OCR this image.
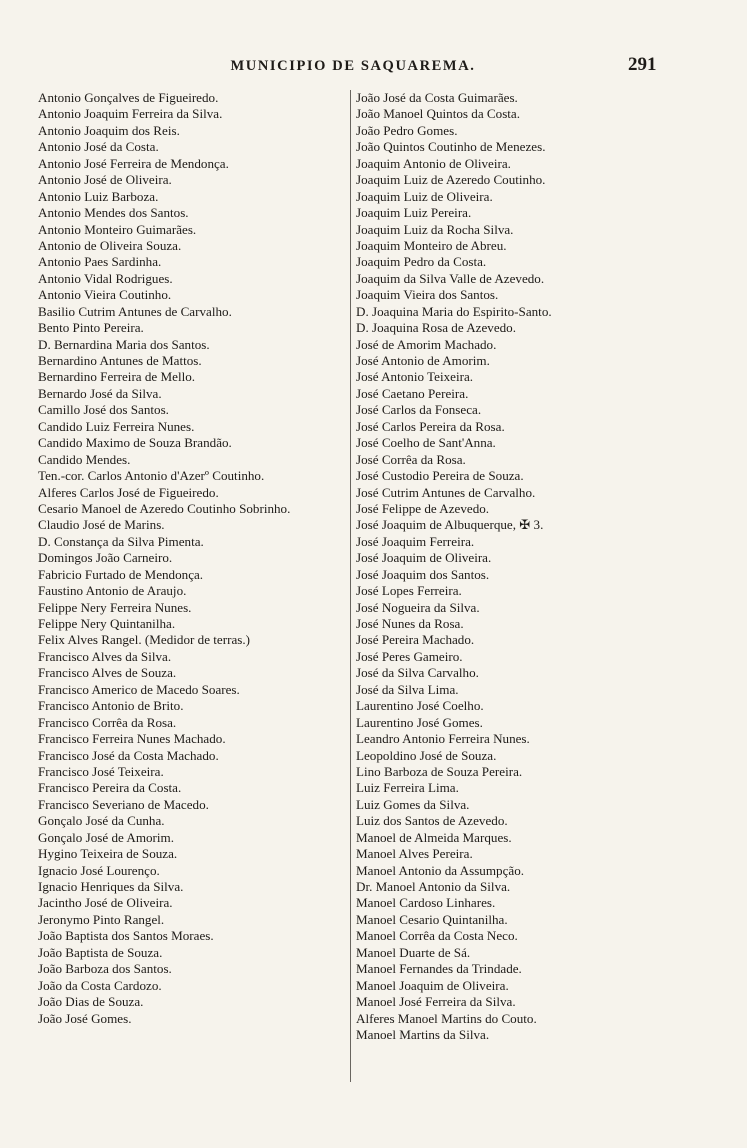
MUNICIPIO DE SAQUAREMA.	291
Antonio Gonçalves de Figueiredo.
Antonio Joaquim Ferreira da Silva.
Antonio Joaquim dos Reis.
Antonio José da Costa.
Antonio José Ferreira de Mendonça.
Antonio José de Oliveira.
Antonio Luiz Barboza.
Antonio Mendes dos Santos.
Antonio Monteiro Guimarães.
Antonio de Oliveira Souza.
Antonio Paes Sardinha.
Antonio Vidal Rodrigues.
Antonio Vieira Coutinho.
Basilio Cutrim Antunes de Carvalho.
Bento Pinto Pereira.
D. Bernardina Maria dos Santos.
Bernardino Antunes de Mattos.
Bernardino Ferreira de Mello.
Bernardo José da Silva.
Camillo José dos Santos.
Candido Luiz Ferreira Nunes.
Candido Maximo de Souza Brandão.
Candido Mendes.
Ten.-cor. Carlos Antonio d'Azerº Coutinho.
Alferes Carlos José de Figueiredo.
Cesario Manoel de Azeredo Coutinho Sobrinho.
Claudio José de Marins.
D. Constança da Silva Pimenta.
Domingos João Carneiro.
Fabricio Furtado de Mendonça.
Faustino Antonio de Araujo.
Felippe Nery Ferreira Nunes.
Felippe Nery Quintanilha.
Felix Alves Rangel. (Medidor de terras.)
Francisco Alves da Silva.
Francisco Alves de Souza.
Francisco Americo de Macedo Soares.
Francisco Antonio de Brito.
Francisco Corrêa da Rosa.
Francisco Ferreira Nunes Machado.
Francisco José da Costa Machado.
Francisco José Teixeira.
Francisco Pereira da Costa.
Francisco Severiano de Macedo.
Gonçalo José da Cunha.
Gonçalo José de Amorim.
Hygino Teixeira de Souza.
Ignacio José Lourenço.
Ignacio Henriques da Silva.
Jacintho José de Oliveira.
Jeronymo Pinto Rangel.
João Baptista dos Santos Moraes.
João Baptista de Souza.
João Barboza dos Santos.
João da Costa Cardozo.
João Dias de Souza.
João José Gomes.
João José da Costa Guimarães.
João Manoel Quintos da Costa.
João Pedro Gomes.
João Quintos Coutinho de Menezes.
Joaquim Antonio de Oliveira.
Joaquim Luiz de Azeredo Coutinho.
Joaquim Luiz de Oliveira.
Joaquim Luiz Pereira.
Joaquim Luiz da Rocha Silva.
Joaquim Monteiro de Abreu.
Joaquim Pedro da Costa.
Joaquim da Silva Valle de Azevedo.
Joaquim Vieira dos Santos.
D. Joaquina Maria do Espirito-Santo.
D. Joaquina Rosa de Azevedo.
José de Amorim Machado.
José Antonio de Amorim.
José Antonio Teixeira.
José Caetano Pereira.
José Carlos da Fonseca.
José Carlos Pereira da Rosa.
José Coelho de Sant'Anna.
José Corrêa da Rosa.
José Custodio Pereira de Souza.
José Cutrim Antunes de Carvalho.
José Felippe de Azevedo.
José Joaquim de Albuquerque, ✠ 3.
José Joaquim Ferreira.
José Joaquim de Oliveira.
José Joaquim dos Santos.
José Lopes Ferreira.
José Nogueira da Silva.
José Nunes da Rosa.
José Pereira Machado.
José Peres Gameiro.
José da Silva Carvalho.
José da Silva Lima.
Laurentino José Coelho.
Laurentino José Gomes.
Leandro Antonio Ferreira Nunes.
Leopoldino José de Souza.
Lino Barboza de Souza Pereira.
Luiz Ferreira Lima.
Luiz Gomes da Silva.
Luiz dos Santos de Azevedo.
Manoel de Almeida Marques.
Manoel Alves Pereira.
Manoel Antonio da Assumpção.
Dr. Manoel Antonio da Silva.
Manoel Cardoso Linhares.
Manoel Cesario Quintanilha.
Manoel Corrêa da Costa Neco.
Manoel Duarte de Sá.
Manoel Fernandes da Trindade.
Manoel Joaquim de Oliveira.
Manoel José Ferreira da Silva.
Alferes Manoel Martins do Couto.
Manoel Martins da Silva.
